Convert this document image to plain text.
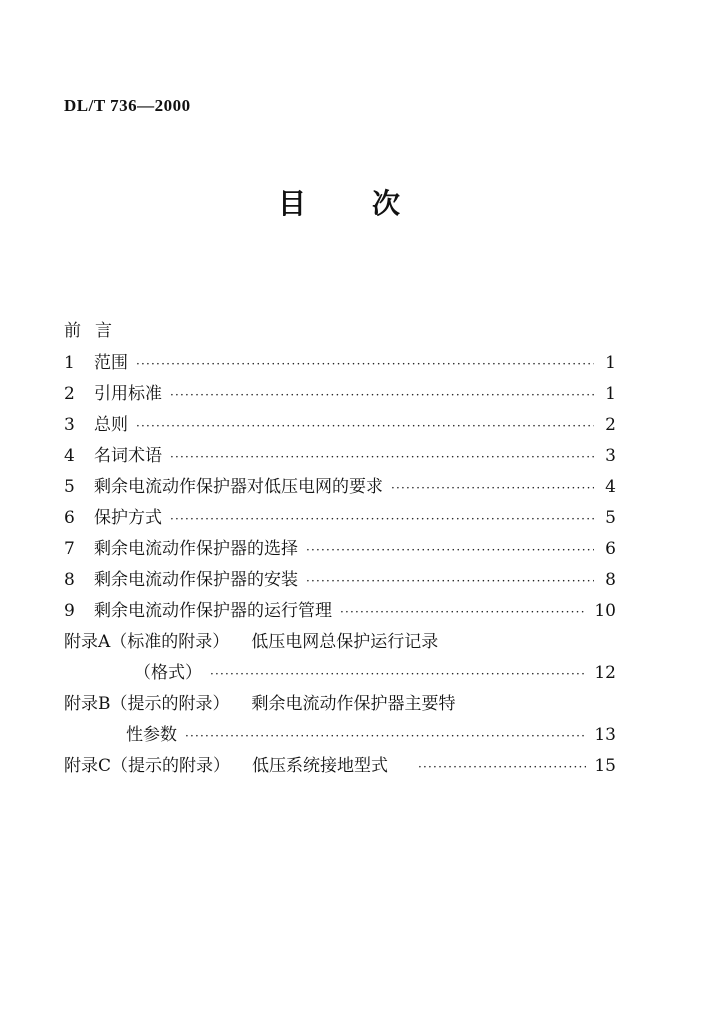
DL/T 736—2000
目 次
前言
1	范围 ·····	1
2	引用标准 ·····	1
3	总则 ·····	2
4	名词术语 ·····	3
5	剩余电流动作保护器对低压电网的要求 ·····	4
6	保护方式 ·····	5
7	剩余电流动作保护器的选择 ·····	6
8	剩余电流动作保护器的安装 ·····	8
9	剩余电流动作保护器的运行管理 ·····	10
附录A（标准的附录） 低压电网总保护运行记录
（格式） ·····	12
附录B（提示的附录） 剩余电流动作保护器主要特
性参数 ·····	13
附录C（提示的附录） 低压系统接地型式 ·····	15
